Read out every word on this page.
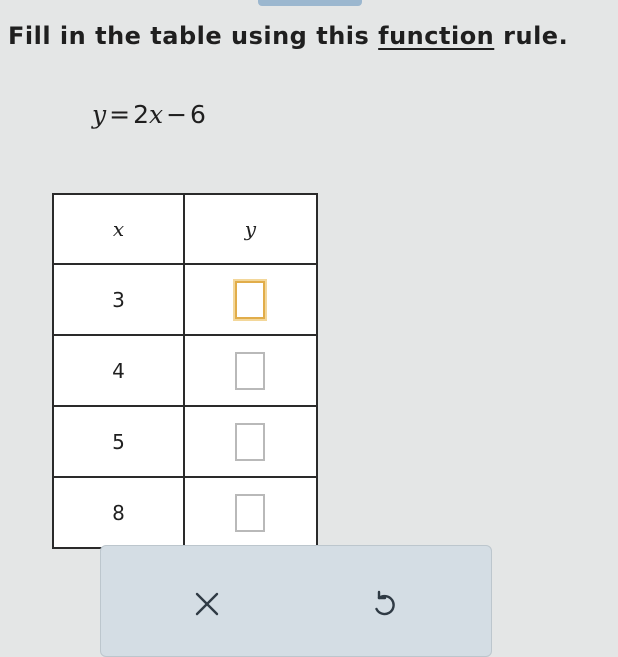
Fill in the table using this function rule.
y = 2x − 6
x	y
3	
4	
5	
8	
